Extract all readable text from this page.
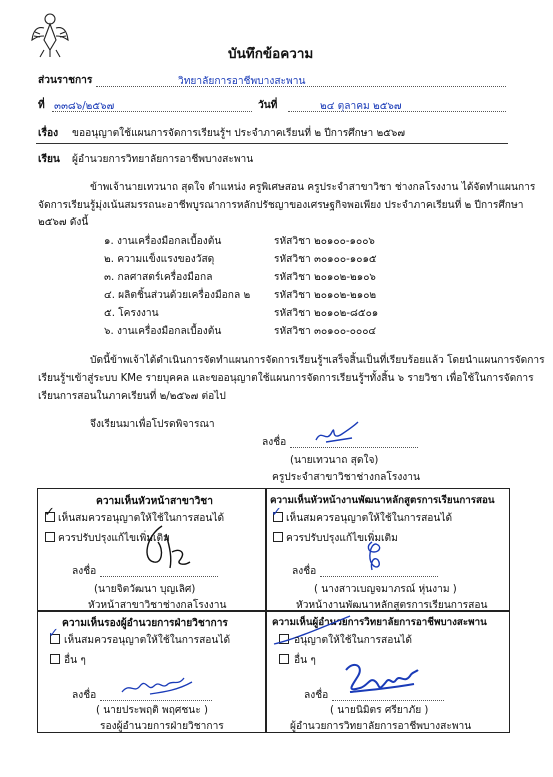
บันทึกข้อความ
ส่วนราชการ	วิทยาลัยการอาชีพบางสะพาน
ที่ ๓๓๘๖/๒๕๖๗	วันที่	๒๔ ตุลาคม ๒๕๖๗
เรื่อง ขออนุญาตใช้แผนการจัดการเรียนรู้ฯ ประจำภาคเรียนที่ ๒ ปีการศึกษา ๒๕๖๗
เรียน ผู้อำนวยการวิทยาลัยการอาชีพบางสะพาน
ข้าพเจ้านายเทวนาถ สุดใจ ตำแหน่ง ครูพิเศษสอน ครูประจำสาขาวิชา ช่างกลโรงงาน ได้จัดทำแผนการ
จัดการเรียนรู้มุ่งเน้นสมรรถนะอาชีพบูรณาการหลักปรัชญาของเศรษฐกิจพอเพียง ประจำภาคเรียนที่ ๒ ปีการศึกษา
๒๕๖๗ ดังนี้
๑. งานเครื่องมือกลเบื้องต้น	รหัสวิชา ๒๐๑๐๐-๑๐๐๖
๒. ความแข็งแรงของวัสดุ	รหัสวิชา ๓๐๑๐๐-๑๐๑๕
๓. กลศาสตร์เครื่องมือกล	รหัสวิชา ๒๐๑๐๒-๒๑๐๖
๔. ผลิตชิ้นส่วนด้วยเครื่องมือกล ๒ รหัสวิชา ๒๐๑๐๒-๒๑๐๒
๕. โครงงาน	รหัสวิชา ๒๐๑๐๒-๘๕๐๑
๖. งานเครื่องมือกลเบื้องต้น	รหัสวิชา ๓๐๑๐๐-๐๐๐๔
บัดนี้ข้าพเจ้าได้ดำเนินการจัดทำแผนการจัดการเรียนรู้ฯเสร็จสิ้นเป็นที่เรียบร้อยแล้ว โดยนำแผนการจัดการ
เรียนรู้ฯเข้าสู่ระบบ KMe รายบุคคล และขออนุญาตใช้แผนการจัดการเรียนรู้ฯทั้งสิ้น ๖ รายวิชา เพื่อใช้ในการจัดการ
เรียนการสอนในภาคเรียนที่ ๒/๒๕๖๗ ต่อไป
จึงเรียนมาเพื่อโปรดพิจารณา
ลงชื่อ
(นายเทวนาถ สุดใจ)
ครูประจำสาขาวิชาช่างกลโรงงาน
ความเห็นหัวหน้าสาขาวิชา
✓ เห็นสมควรอนุญาตให้ใช้ในการสอนได้
ควรปรับปรุงแก้ไขเพิ่มเติม
ลงชื่อ
(นายจิตวัฒนา บุญเลิศ)
หัวหน้าสาขาวิชาช่างกลโรงงาน
ความเห็นหัวหน้างานพัฒนาหลักสูตรการเรียนการสอน
✓ เห็นสมควรอนุญาตให้ใช้ในการสอนได้
ควรปรับปรุงแก้ไขเพิ่มเติม
ลงชื่อ
( นางสาวเบญจมาภรณ์ หุ่นงาม )
หัวหน้างานพัฒนาหลักสูตรการเรียนการสอน
ความเห็นรองผู้อำนวยการฝ่ายวิชาการ
✓ เห็นสมควรอนุญาตให้ใช้ในการสอนได้
อื่น ๆ
ลงชื่อ
( นายประพฤติ พฤศชนะ )
รองผู้อำนวยการฝ่ายวิชาการ
ความเห็นผู้อำนวยการวิทยาลัยการอาชีพบางสะพาน
อนุญาตให้ใช้ในการสอนได้
อื่น ๆ
ลงชื่อ
( นายนิมิตร ศรียาภัย )
ผู้อำนวยการวิทยาลัยการอาชีพบางสะพาน
